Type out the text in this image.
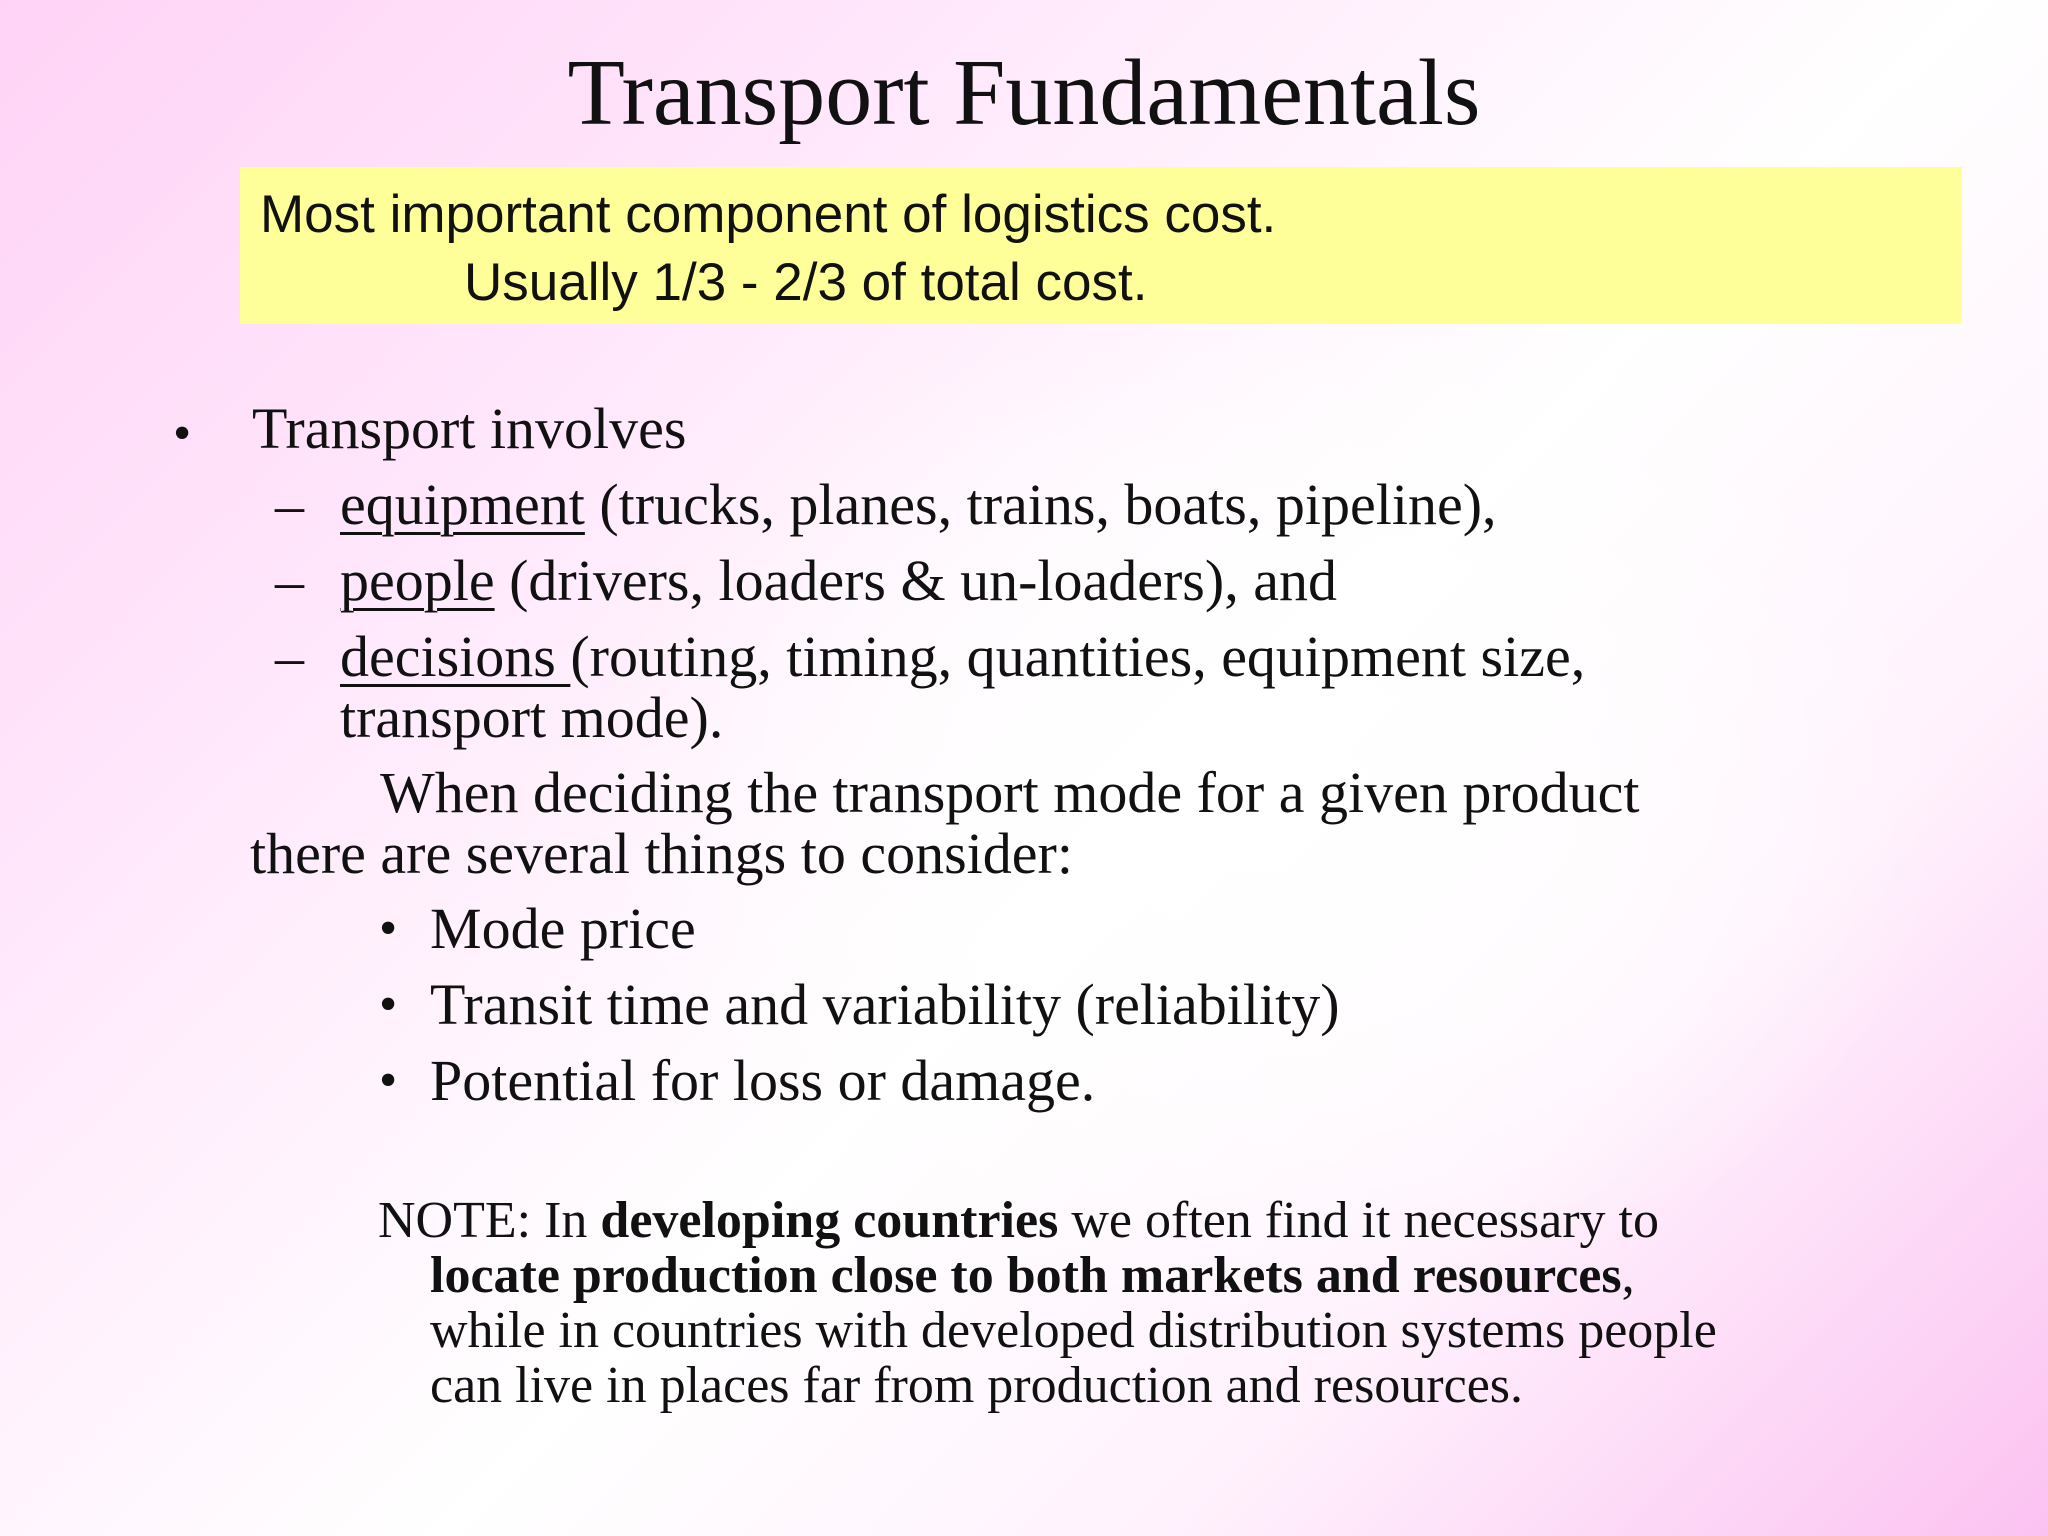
Transport Fundamentals
Most important component of logistics cost.
Usually 1/3 - 2/3 of total cost.
• Transport involves
– equipment (trucks, planes, trains, boats, pipeline),
– people (drivers, loaders & un-loaders), and
– decisions (routing, timing, quantities, equipment size,
transport mode).
When deciding the transport mode for a given product
there are several things to consider:
• Mode price
• Transit time and variability (reliability)
• Potential for loss or damage.
NOTE: In developing countries we often find it necessary to
locate production close to both markets and resources,
while in countries with developed distribution systems people
can live in places far from production and resources.
